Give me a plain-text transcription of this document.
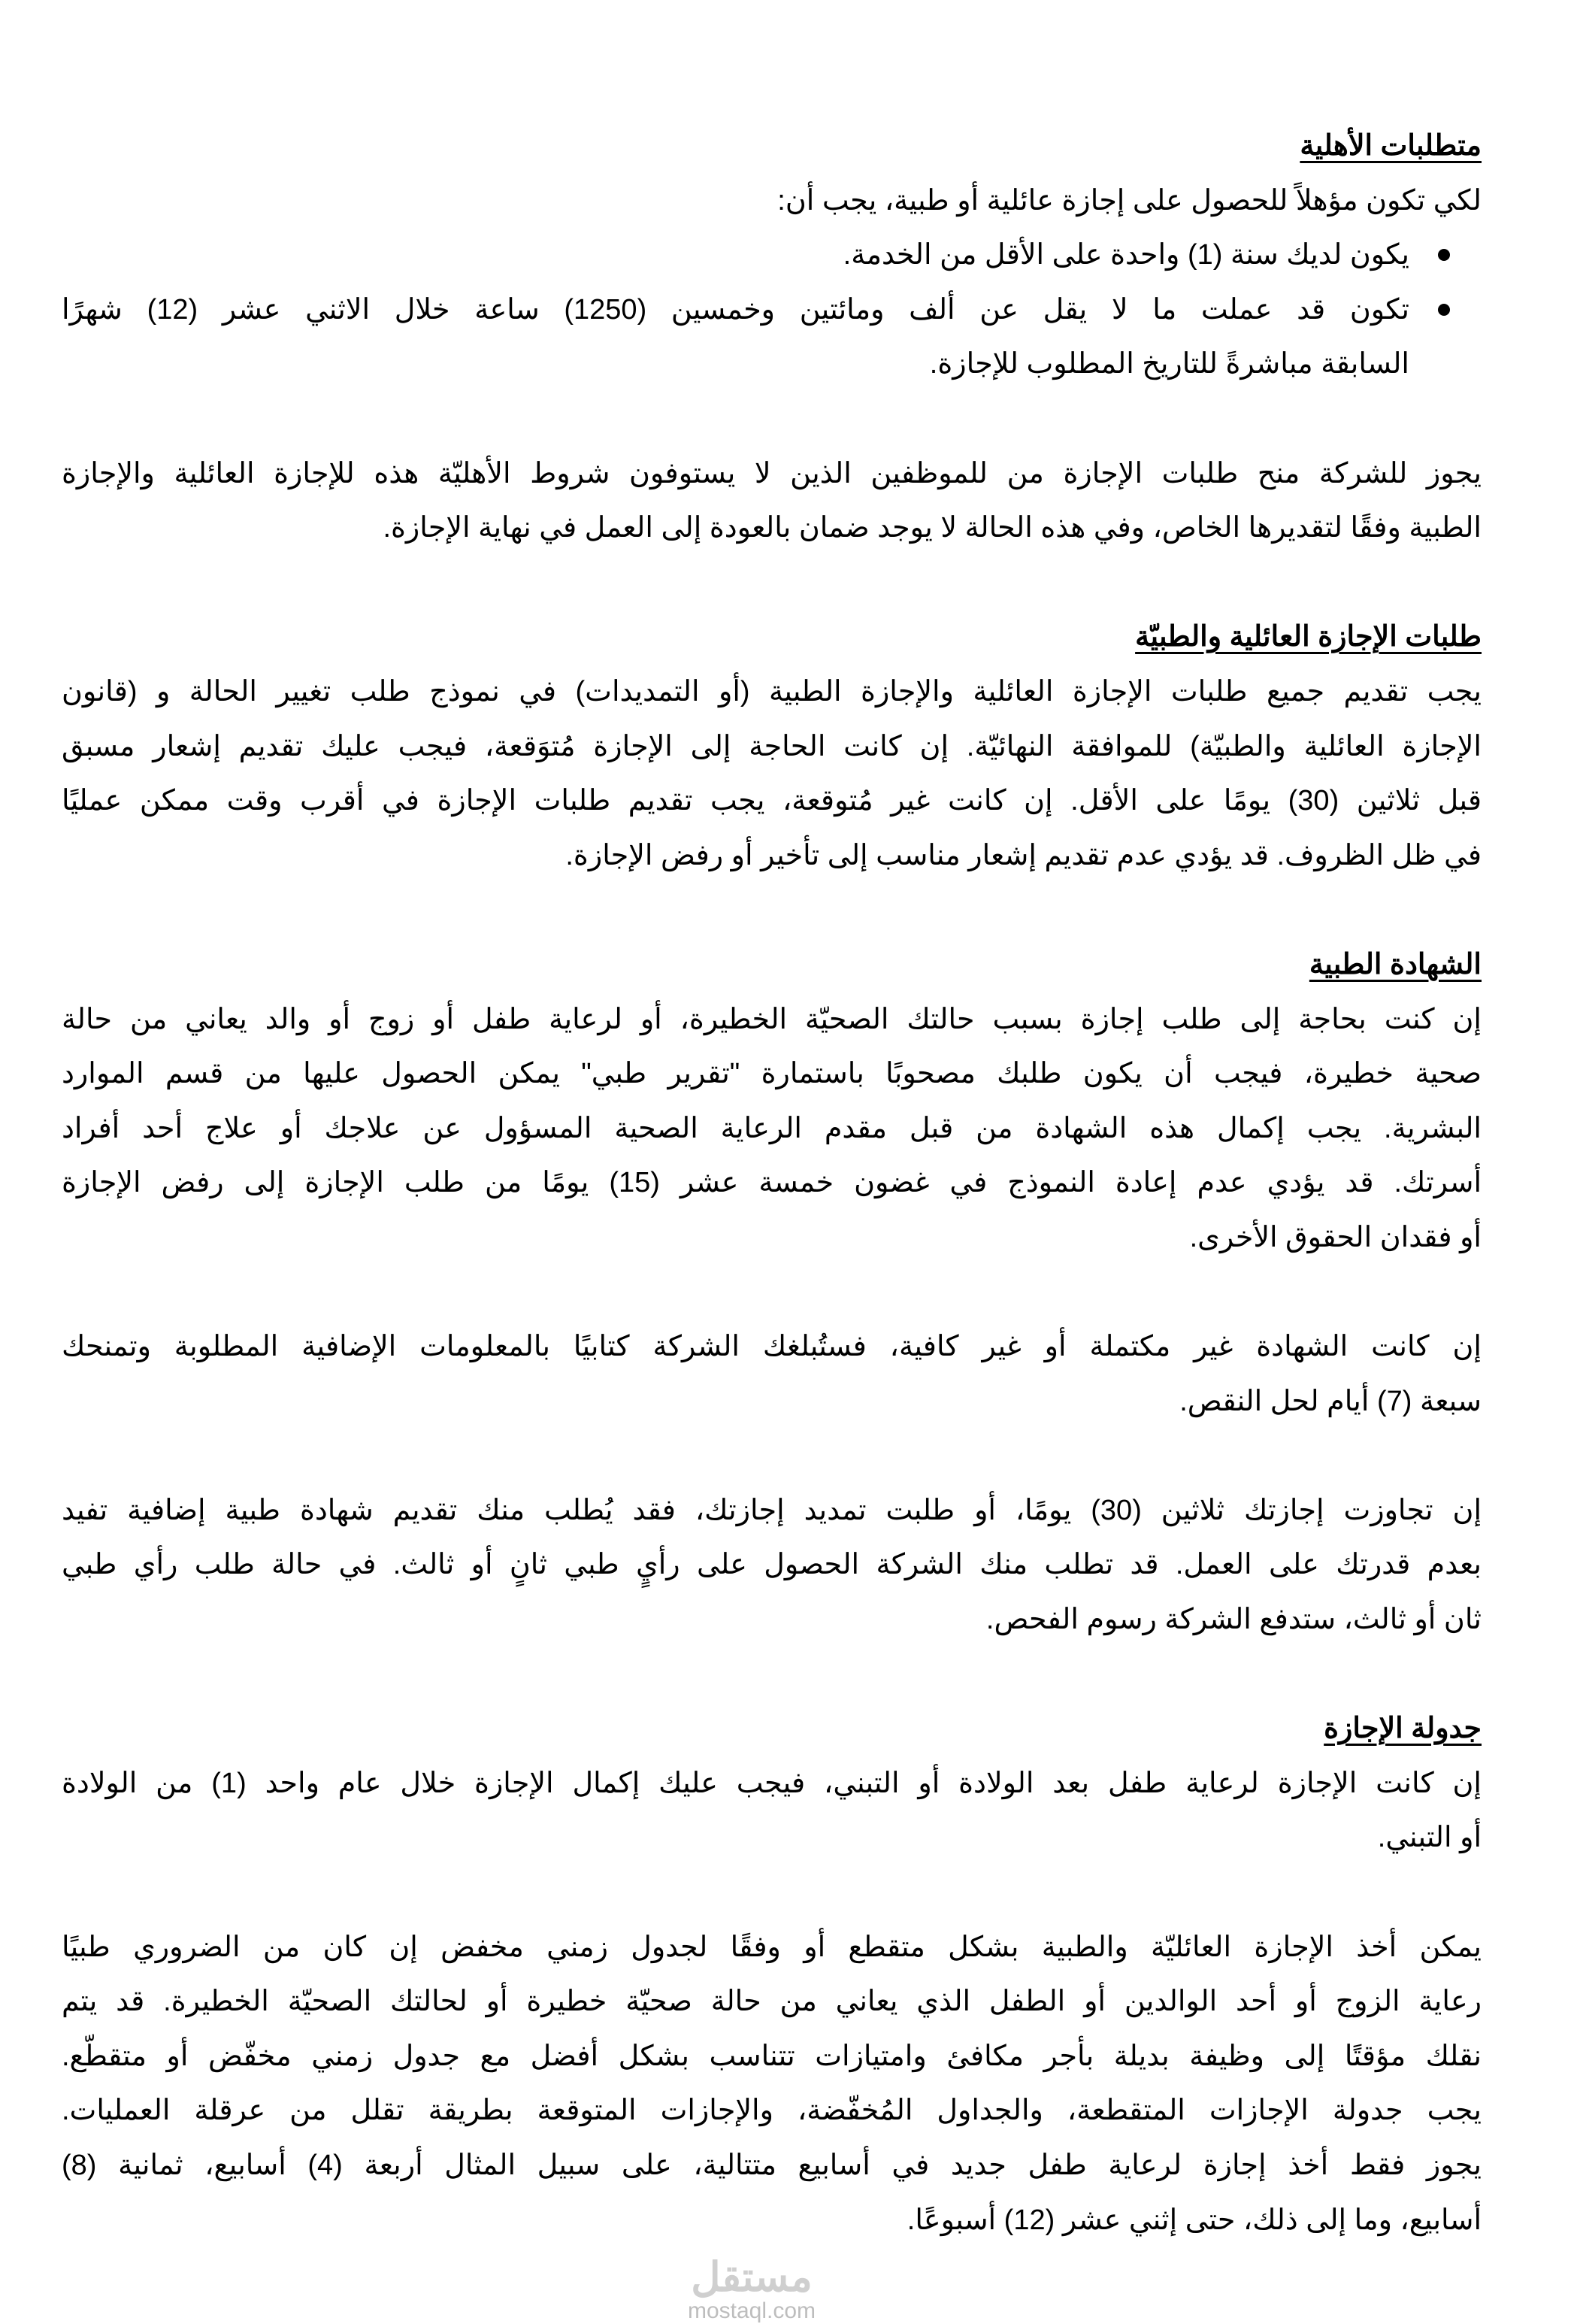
متطلبات الأهلية
لكي تكون مؤهلاً للحصول على إجازة عائلية أو طبية، يجب أن:
يكون لديك سنة (1) واحدة على الأقل من الخدمة.
تكون قد عملت ما لا يقل عن ألف ومائتين وخمسين (1250) ساعة خلال الاثني عشر (12) شهرًا
السابقة مباشرةً للتاريخ المطلوب للإجازة.
يجوز للشركة منح طلبات الإجازة من للموظفين الذين لا يستوفون شروط الأهليّة هذه للإجازة العائلية والإجازة
الطبية وفقًا لتقديرها الخاص، وفي هذه الحالة لا يوجد ضمان بالعودة إلى العمل في نهاية الإجازة.
طلبات الإجازة العائلية والطبيّة
يجب تقديم جميع طلبات الإجازة العائلية والإجازة الطبية (أو التمديدات) في نموذج طلب تغيير الحالة و (قانون
الإجازة العائلية والطبيّة) للموافقة النهائيّة. إن كانت الحاجة إلى الإجازة مُتوَقعة، فيجب عليك تقديم إشعار مسبق
قبل ثلاثين (30) يومًا على الأقل. إن كانت غير مُتوقعة، يجب تقديم طلبات الإجازة في أقرب وقت ممكن عمليًا
في ظل الظروف. قد يؤدي عدم تقديم إشعار مناسب إلى تأخير أو رفض الإجازة.
الشهادة الطبية
إن كنت بحاجة إلى طلب إجازة بسبب حالتك الصحيّة الخطيرة، أو لرعاية طفل أو زوج أو والد يعاني من حالة
صحية خطيرة، فيجب أن يكون طلبك مصحوبًا باستمارة "تقرير طبي" يمكن الحصول عليها من قسم الموارد
البشرية. يجب إكمال هذه الشهادة من قبل مقدم الرعاية الصحية المسؤول عن علاجك أو علاج أحد أفراد
أسرتك. قد يؤدي عدم إعادة النموذج في غضون خمسة عشر (15) يومًا من طلب الإجازة إلى رفض الإجازة
أو فقدان الحقوق الأخرى.
إن كانت الشهادة غير مكتملة أو غير كافية، فستُبلغك الشركة كتابيًا بالمعلومات الإضافية المطلوبة وتمنحك
سبعة (7) أيام لحل النقص.
إن تجاوزت إجازتك ثلاثين (30) يومًا، أو طلبت تمديد إجازتك، فقد يُطلب منك تقديم شهادة طبية إضافية تفيد
بعدم قدرتك على العمل. قد تطلب منك الشركة الحصول على رأيٍ طبي ثانٍ أو ثالث. في حالة طلب رأي طبي
ثان أو ثالث، ستدفع الشركة رسوم الفحص.
جدولة الإجازة
إن كانت الإجازة لرعاية طفل بعد الولادة أو التبني، فيجب عليك إكمال الإجازة خلال عام واحد (1) من الولادة
أو التبني.
يمكن أخذ الإجازة العائليّة والطبية بشكل متقطع أو وفقًا لجدول زمني مخفض إن كان من الضروري طبيًا
رعاية الزوج أو أحد الوالدين أو الطفل الذي يعاني من حالة صحيّة خطيرة أو لحالتك الصحيّة الخطيرة. قد يتم
نقلك مؤقتًا إلى وظيفة بديلة بأجر مكافئ وامتيازات تتناسب بشكل أفضل مع جدول زمني مخفّض أو متقطّع.
يجب جدولة الإجازات المتقطعة، والجداول المُخفّضة، والإجازات المتوقعة بطريقة تقلل من عرقلة العمليات.
يجوز فقط أخذ إجازة لرعاية طفل جديد في أسابيع متتالية، على سبيل المثال أربعة (4) أسابيع، ثمانية (8)
أسابيع، وما إلى ذلك، حتى إثني عشر (12) أسبوعًا.
مستقل
mostaql.com
